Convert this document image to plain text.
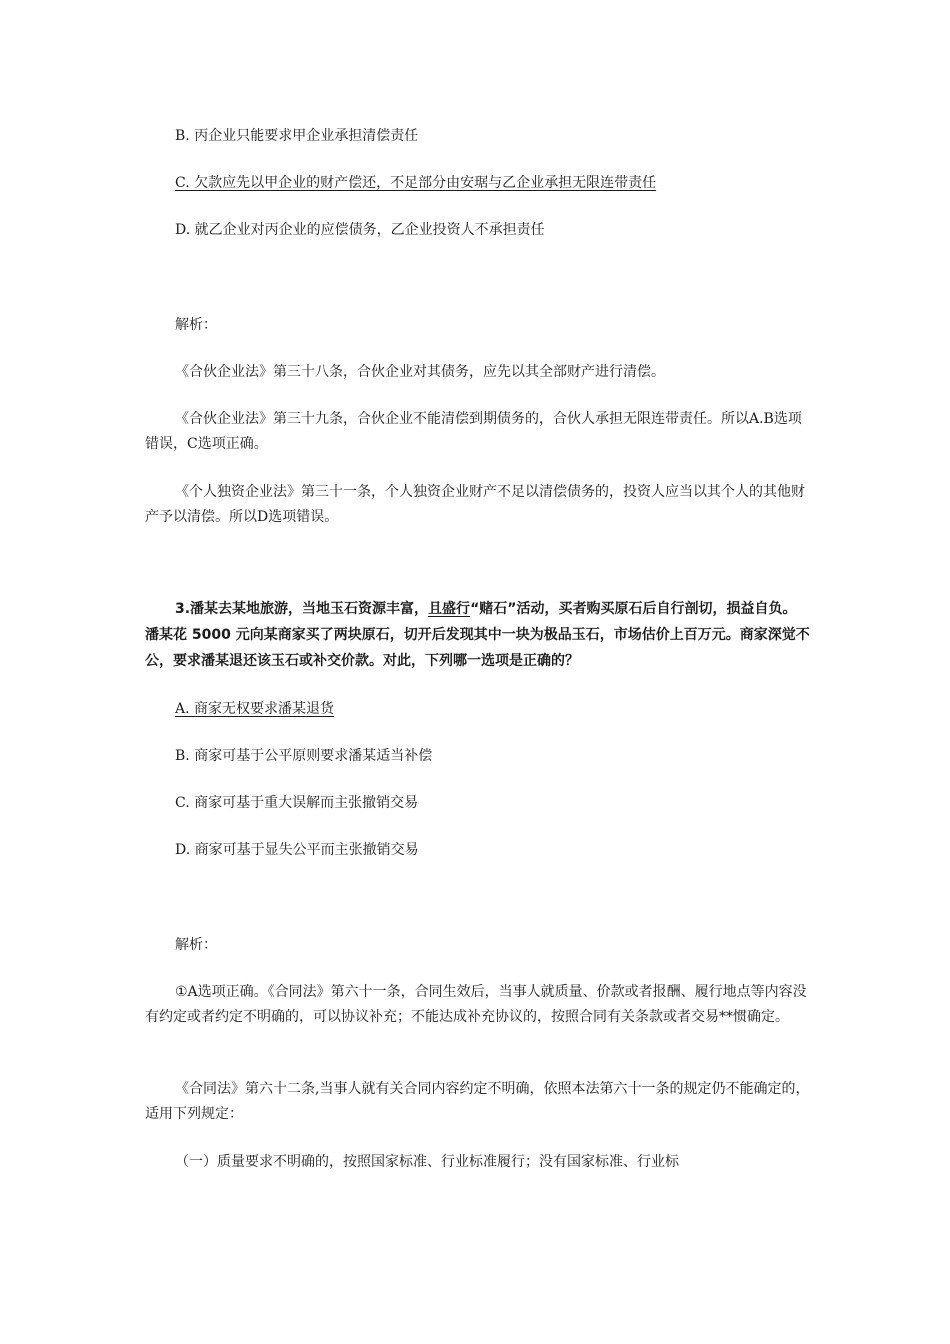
B. 丙企业只能要求甲企业承担清偿责任
C. 欠款应先以甲企业的财产偿还，不足部分由安琚与乙企业承担无限连带责任
D. 就乙企业对丙企业的应偿债务，乙企业投资人不承担责任
解析：
《合伙企业法》第三十八条，合伙企业对其债务，应先以其全部财产进行清偿。
《合伙企业法》第三十九条，合伙企业不能清偿到期债务的，合伙人承担无限连带责任。所以A.B选项错误，C选项正确。
《个人独资企业法》第三十一条，个人独资企业财产不足以清偿债务的，投资人应当以其个人的其他财产予以清偿。所以D选项错误。
3.潘某去某地旅游，当地玉石资源丰富，且盛行“赌石”活动，买者购买原石后自行剖切，损益自负。潘某花 5000 元向某商家买了两块原石，切开后发现其中一块为极品玉石，市场估价上百万元。商家深觉不公，要求潘某退还该玉石或补交价款。对此，下列哪一选项是正确的？
A. 商家无权要求潘某退货
B. 商家可基于公平原则要求潘某适当补偿
C. 商家可基于重大误解而主张撤销交易
D. 商家可基于显失公平而主张撤销交易
解析：
①A选项正确。《合同法》第六十一条，合同生效后，当事人就质量、价款或者报酬、履行地点等内容没有约定或者约定不明确的，可以协议补充；不能达成补充协议的，按照合同有关条款或者交易**惯确定。
《合同法》第六十二条,当事人就有关合同内容约定不明确，依照本法第六十一条的规定仍不能确定的，适用下列规定：
（一）质量要求不明确的，按照国家标准、行业标准履行；没有国家标准、行业标
